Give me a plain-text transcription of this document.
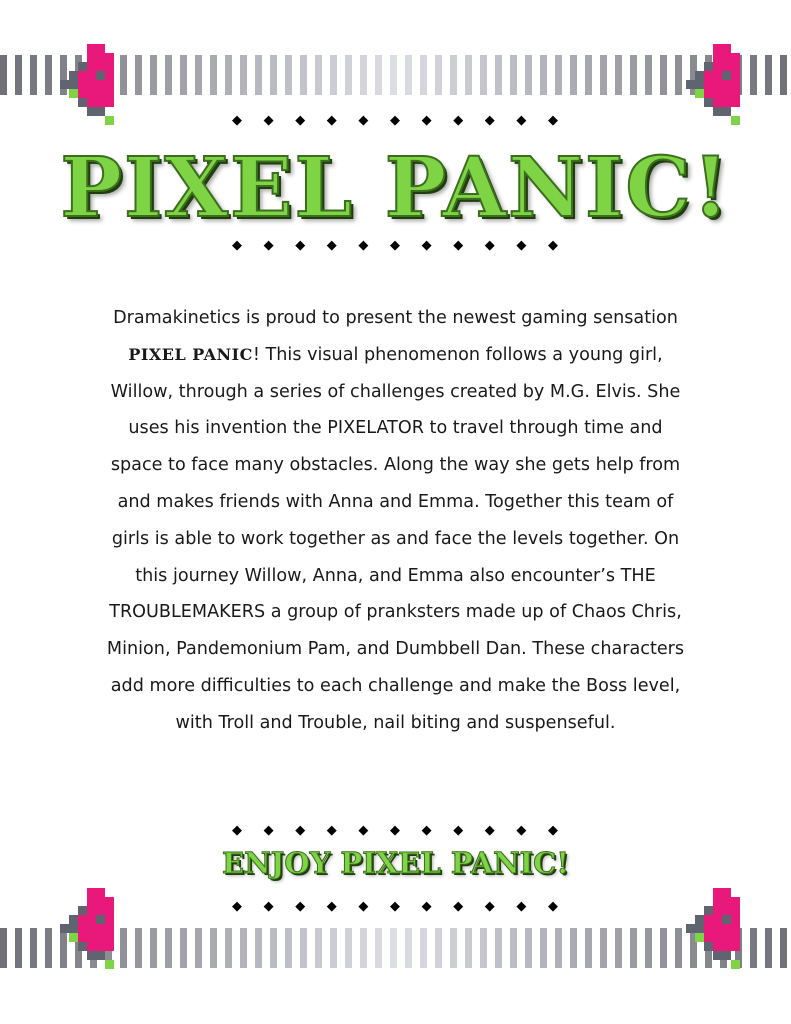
◆ ◆ ◆ ◆ ◆ ◆ ◆ ◆ ◆ ◆ ◆
◆ ◆ ◆ ◆ ◆ ◆ ◆ ◆ ◆ ◆ ◆
◆ ◆ ◆ ◆ ◆ ◆ ◆ ◆ ◆ ◆ ◆
◆ ◆ ◆ ◆ ◆ ◆ ◆ ◆ ◆ ◆ ◆
PIXEL PANIC!
Dramakinetics is proud to present the newest gaming sensation PIXEL PANIC! This visual phenomenon follows a young girl, Willow, through a series of challenges created by M.G. Elvis. She uses his invention the PIXELATOR to travel through time and space to face many obstacles. Along the way she gets help from and makes friends with Anna and Emma. Together this team of girls is able to work together as and face the levels together. On this journey Willow, Anna, and Emma also encounter’s THE TROUBLEMAKERS a group of pranksters made up of Chaos Chris, Minion, Pandemonium Pam, and Dumbbell Dan. These characters add more difficulties to each challenge and make the Boss level, with Troll and Trouble, nail biting and suspenseful.
ENJOY PIXEL PANIC!
